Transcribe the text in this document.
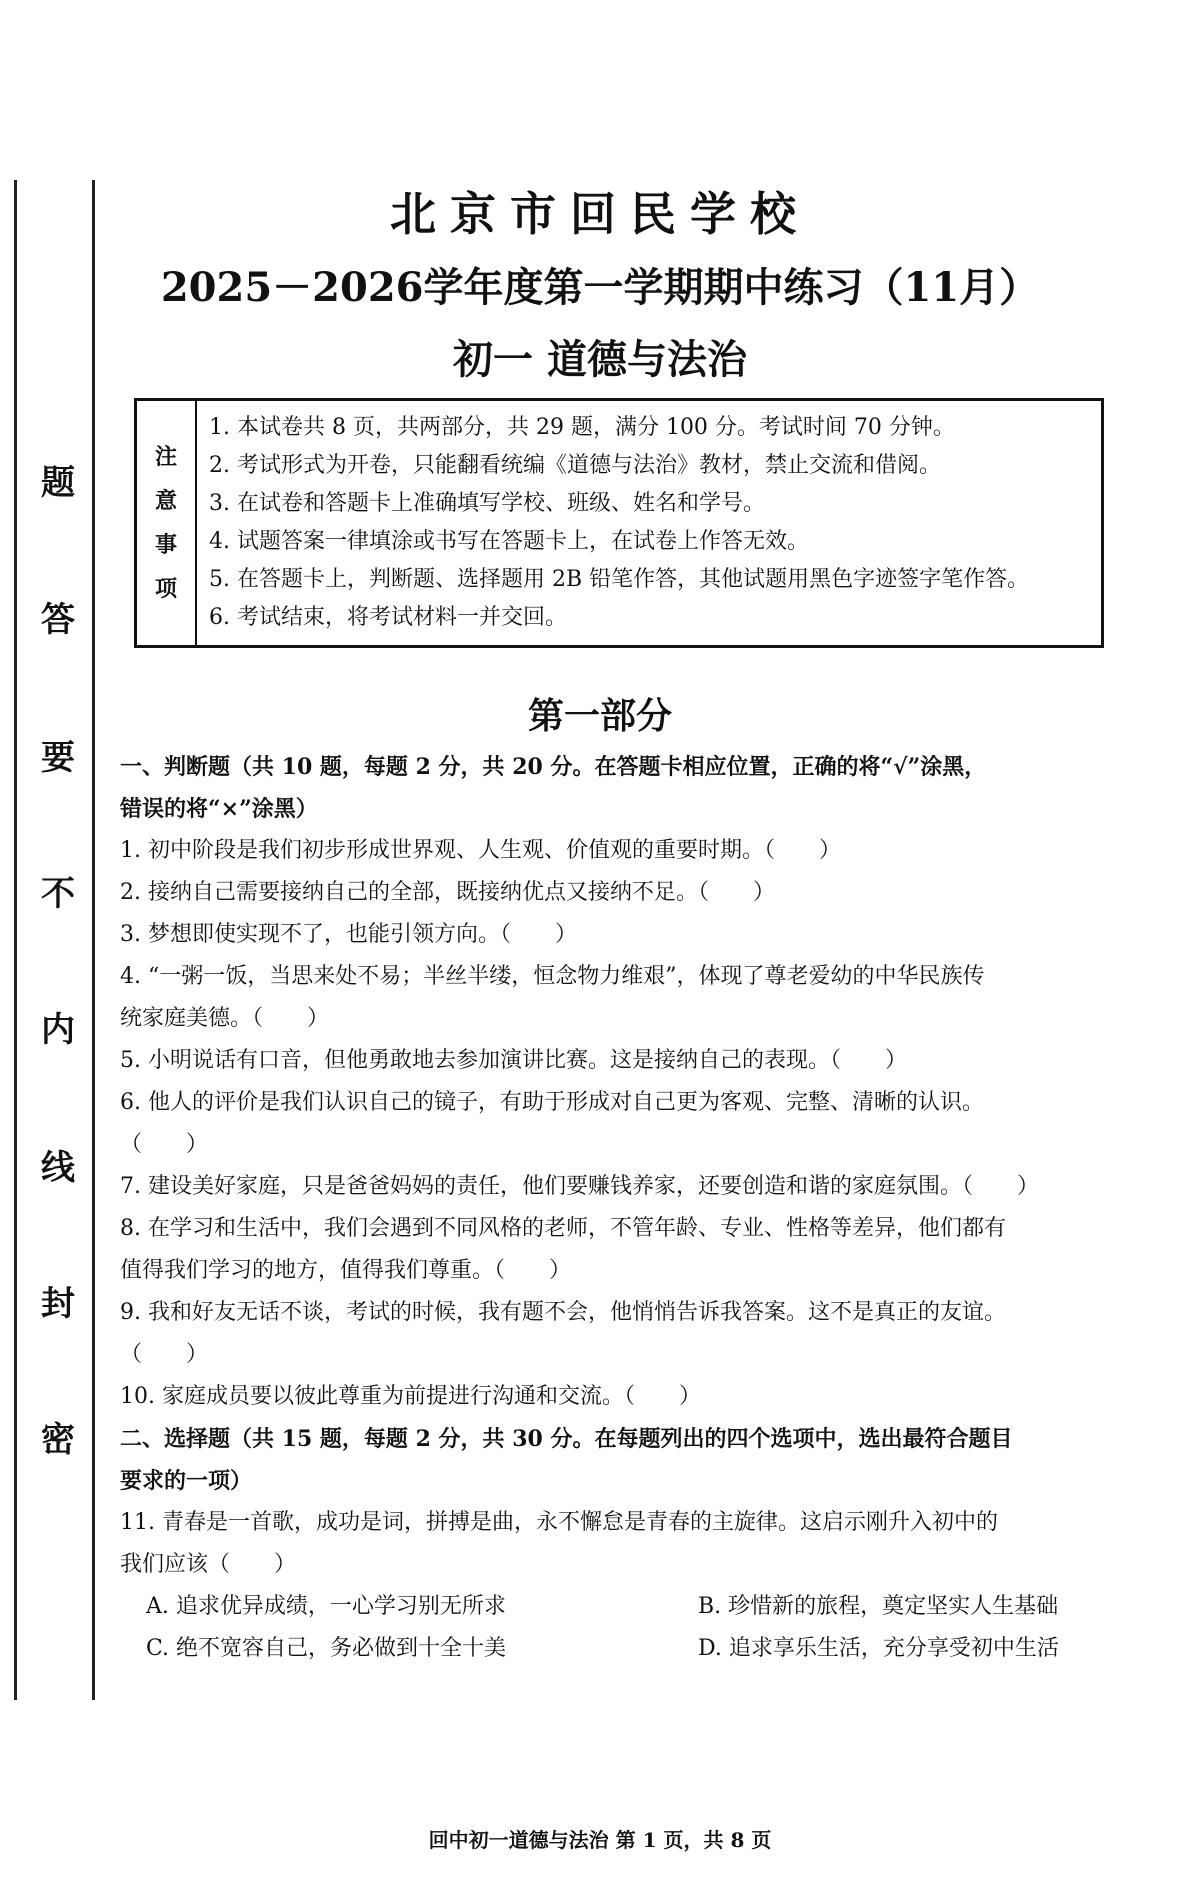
题
答
要
不
内
线
封
密
北京市回民学校
2025－2026学年度第一学期期中练习（11月）
初一 道德与法治
注
意
事
项
1. 本试卷共 8 页，共两部分，共 29 题，满分 100 分。考试时间 70 分钟。
2. 考试形式为开卷，只能翻看统编《道德与法治》教材，禁止交流和借阅。
3. 在试卷和答题卡上准确填写学校、班级、姓名和学号。
4. 试题答案一律填涂或书写在答题卡上，在试卷上作答无效。
5. 在答题卡上，判断题、选择题用 2B 铅笔作答，其他试题用黑色字迹签字笔作答。
6. 考试结束，将考试材料一并交回。
第一部分
一、判断题（共 10 题，每题 2 分，共 20 分。在答题卡相应位置，正确的将“√”涂黑，
错误的将“×”涂黑）
1. 初中阶段是我们初步形成世界观、人生观、价值观的重要时期。（　　）
2. 接纳自己需要接纳自己的全部，既接纳优点又接纳不足。（　　）
3. 梦想即使实现不了，也能引领方向。（　　）
4. “一粥一饭，当思来处不易；半丝半缕，恒念物力维艰”，体现了尊老爱幼的中华民族传
统家庭美德。（　　）
5. 小明说话有口音，但他勇敢地去参加演讲比赛。这是接纳自己的表现。（　　）
6. 他人的评价是我们认识自己的镜子，有助于形成对自己更为客观、完整、清晰的认识。
（　　）
7. 建设美好家庭，只是爸爸妈妈的责任，他们要赚钱养家，还要创造和谐的家庭氛围。（　　）
8. 在学习和生活中，我们会遇到不同风格的老师，不管年龄、专业、性格等差异，他们都有
值得我们学习的地方，值得我们尊重。（　　）
9. 我和好友无话不谈，考试的时候，我有题不会，他悄悄告诉我答案。这不是真正的友谊。
（　　）
10. 家庭成员要以彼此尊重为前提进行沟通和交流。（　　）
二、选择题（共 15 题，每题 2 分，共 30 分。在每题列出的四个选项中，选出最符合题目
要求的一项）
11. 青春是一首歌，成功是词，拼搏是曲，永不懈怠是青春的主旋律。这启示刚升入初中的
我们应该（　　）
A. 追求优异成绩，一心学习别无所求	B. 珍惜新的旅程，奠定坚实人生基础
C. 绝不宽容自己，务必做到十全十美	D. 追求享乐生活，充分享受初中生活
回中初一道德与法治 第 1 页，共 8 页
